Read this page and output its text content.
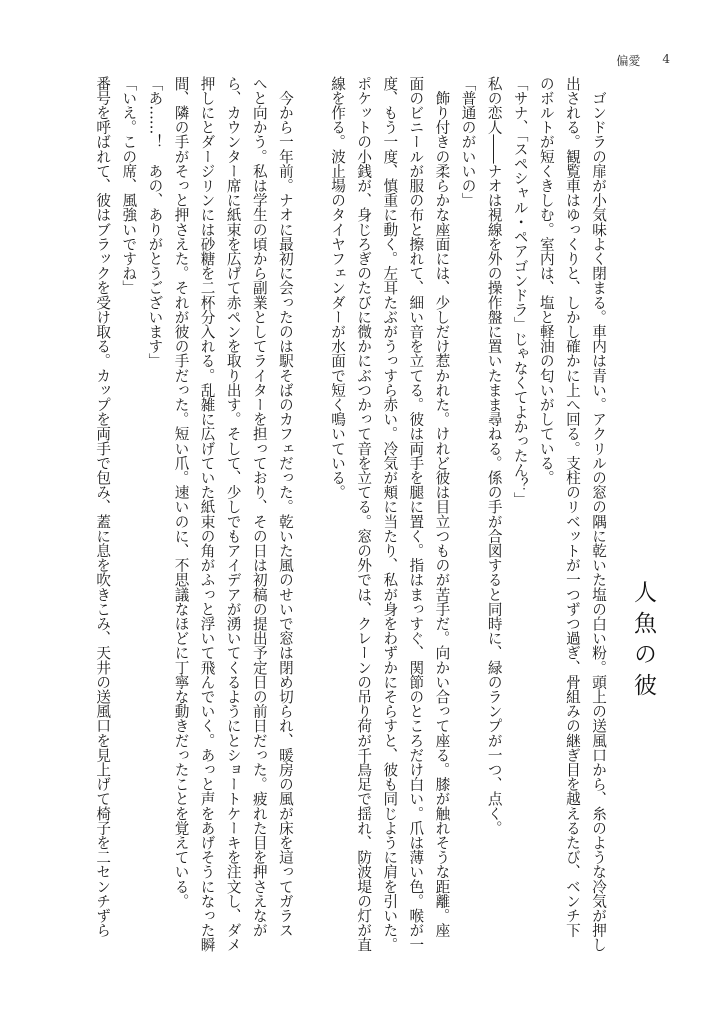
偏愛 4
人魚の彼
　ゴンドラの扉が小気味よく閉まる。車内は青い。アクリルの窓の隅に乾いた塩の白い粉。頭上の送風口から、糸のような冷気が押し
出される。観覧車はゆっくりと、しかし確かに上へ回る。支柱のリベットが一つずつ過ぎ、骨組みの継ぎ目を越えるたび、ベンチ下
のボルトが短くきしむ。室内は、塩と軽油の匂いがしている。
「サナ、「スペシャル・ペアゴンドラ」じゃなくてよかったん？」
私の恋人――ナオは視線を外の操作盤に置いたまま尋ねる。係の手が合図すると同時に、緑のランプが一つ、点く。
「普通のがいいの」
　飾り付きの柔らかな座面には、少しだけ惹かれた。けれど彼は目立つものが苦手だ。向かい合って座る。膝が触れそうな距離。座
面のビニールが服の布と擦れて、細い音を立てる。彼は両手を腿に置く。指はまっすぐ、関節のところだけ白い。爪は薄い色。喉が一
度、もう一度、慎重に動く。左耳たぶがうっすら赤い。冷気が頬に当たり、私が身をわずかにそらすと、彼も同じように肩を引いた。
ポケットの小銭が、身じろぎのたびに微かにぶつかって音を立てる。窓の外では、クレーンの吊り荷が千鳥足で揺れ、防波堤の灯が直
線を作る。波止場のタイヤフェンダーが水面で短く鳴いている。

　今から一年前。ナオに最初に会ったのは駅そばのカフェだった。乾いた風のせいで窓は閉め切られ、暖房の風が床を這ってガラス
へと向かう。私は学生の頃から副業としてライターを担っており、その日は初稿の提出予定日の前日だった。疲れた目を押さえなが
ら、カウンター席に紙束を広げて赤ペンを取り出す。そして、少しでもアイデアが湧いてくるようにとショートケーキを注文し、ダメ
押しにとダージリンには砂糖を二杯分入れる。乱雑に広げていた紙束の角がふっと浮いて飛んでいく。あっと声をあげそうになった瞬
間、隣の手がそっと押さえた。それが彼の手だった。短い爪。速いのに、不思議なほどに丁寧な動きだったことを覚えている。
「あ……！　あの、ありがとうございます」
「いえ。この席、風強いですね」
番号を呼ばれて、彼はブラックを受け取る。カップを両手で包み、蓋に息を吹きこみ、天井の送風口を見上げて椅子を二センチずら
